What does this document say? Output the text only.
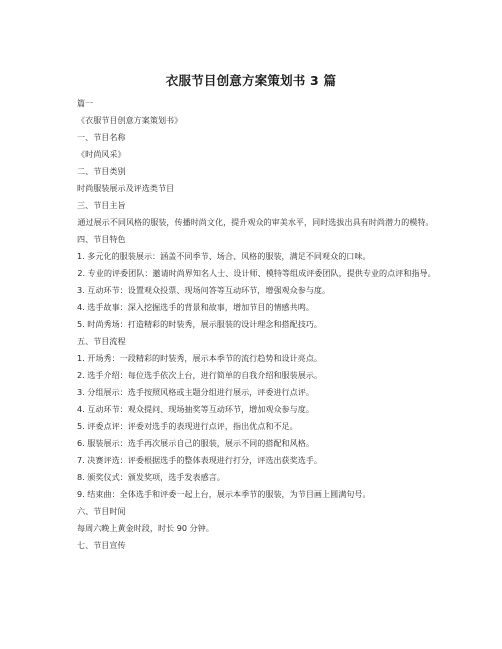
衣服节目创意方案策划书 3 篇
篇一
《衣服节目创意方案策划书》
一、节目名称
《时尚风采》
二、节目类别
时尚服装展示及评选类节目
三、节目主旨
通过展示不同风格的服装，传播时尚文化，提升观众的审美水平，同时选拔出具有时尚潜力的模特。
四、节目特色
1. 多元化的服装展示：涵盖不同季节、场合、风格的服装，满足不同观众的口味。
2. 专业的评委团队：邀请时尚界知名人士、设计师、模特等组成评委团队，提供专业的点评和指导。
3. 互动环节：设置观众投票、现场问答等互动环节，增强观众参与度。
4. 选手故事：深入挖掘选手的背景和故事，增加节目的情感共鸣。
5. 时尚秀场：打造精彩的时装秀，展示服装的设计理念和搭配技巧。
五、节目流程
1. 开场秀：一段精彩的时装秀，展示本季节的流行趋势和设计亮点。
2. 选手介绍：每位选手依次上台，进行简单的自我介绍和服装展示。
3. 分组展示：选手按照风格或主题分组进行展示，评委进行点评。
4. 互动环节：观众提问、现场抽奖等互动环节，增加观众参与度。
5. 评委点评：评委对选手的表现进行点评，指出优点和不足。
6. 服装展示：选手再次展示自己的服装，展示不同的搭配和风格。
7. 决赛评选：评委根据选手的整体表现进行打分，评选出获奖选手。
8. 颁奖仪式：颁发奖项，选手发表感言。
9. 结束曲：全体选手和评委一起上台，展示本季节的服装，为节目画上圆满句号。
六、节目时间
每周六晚上黄金时段，时长 90 分钟。
七、节目宣传
